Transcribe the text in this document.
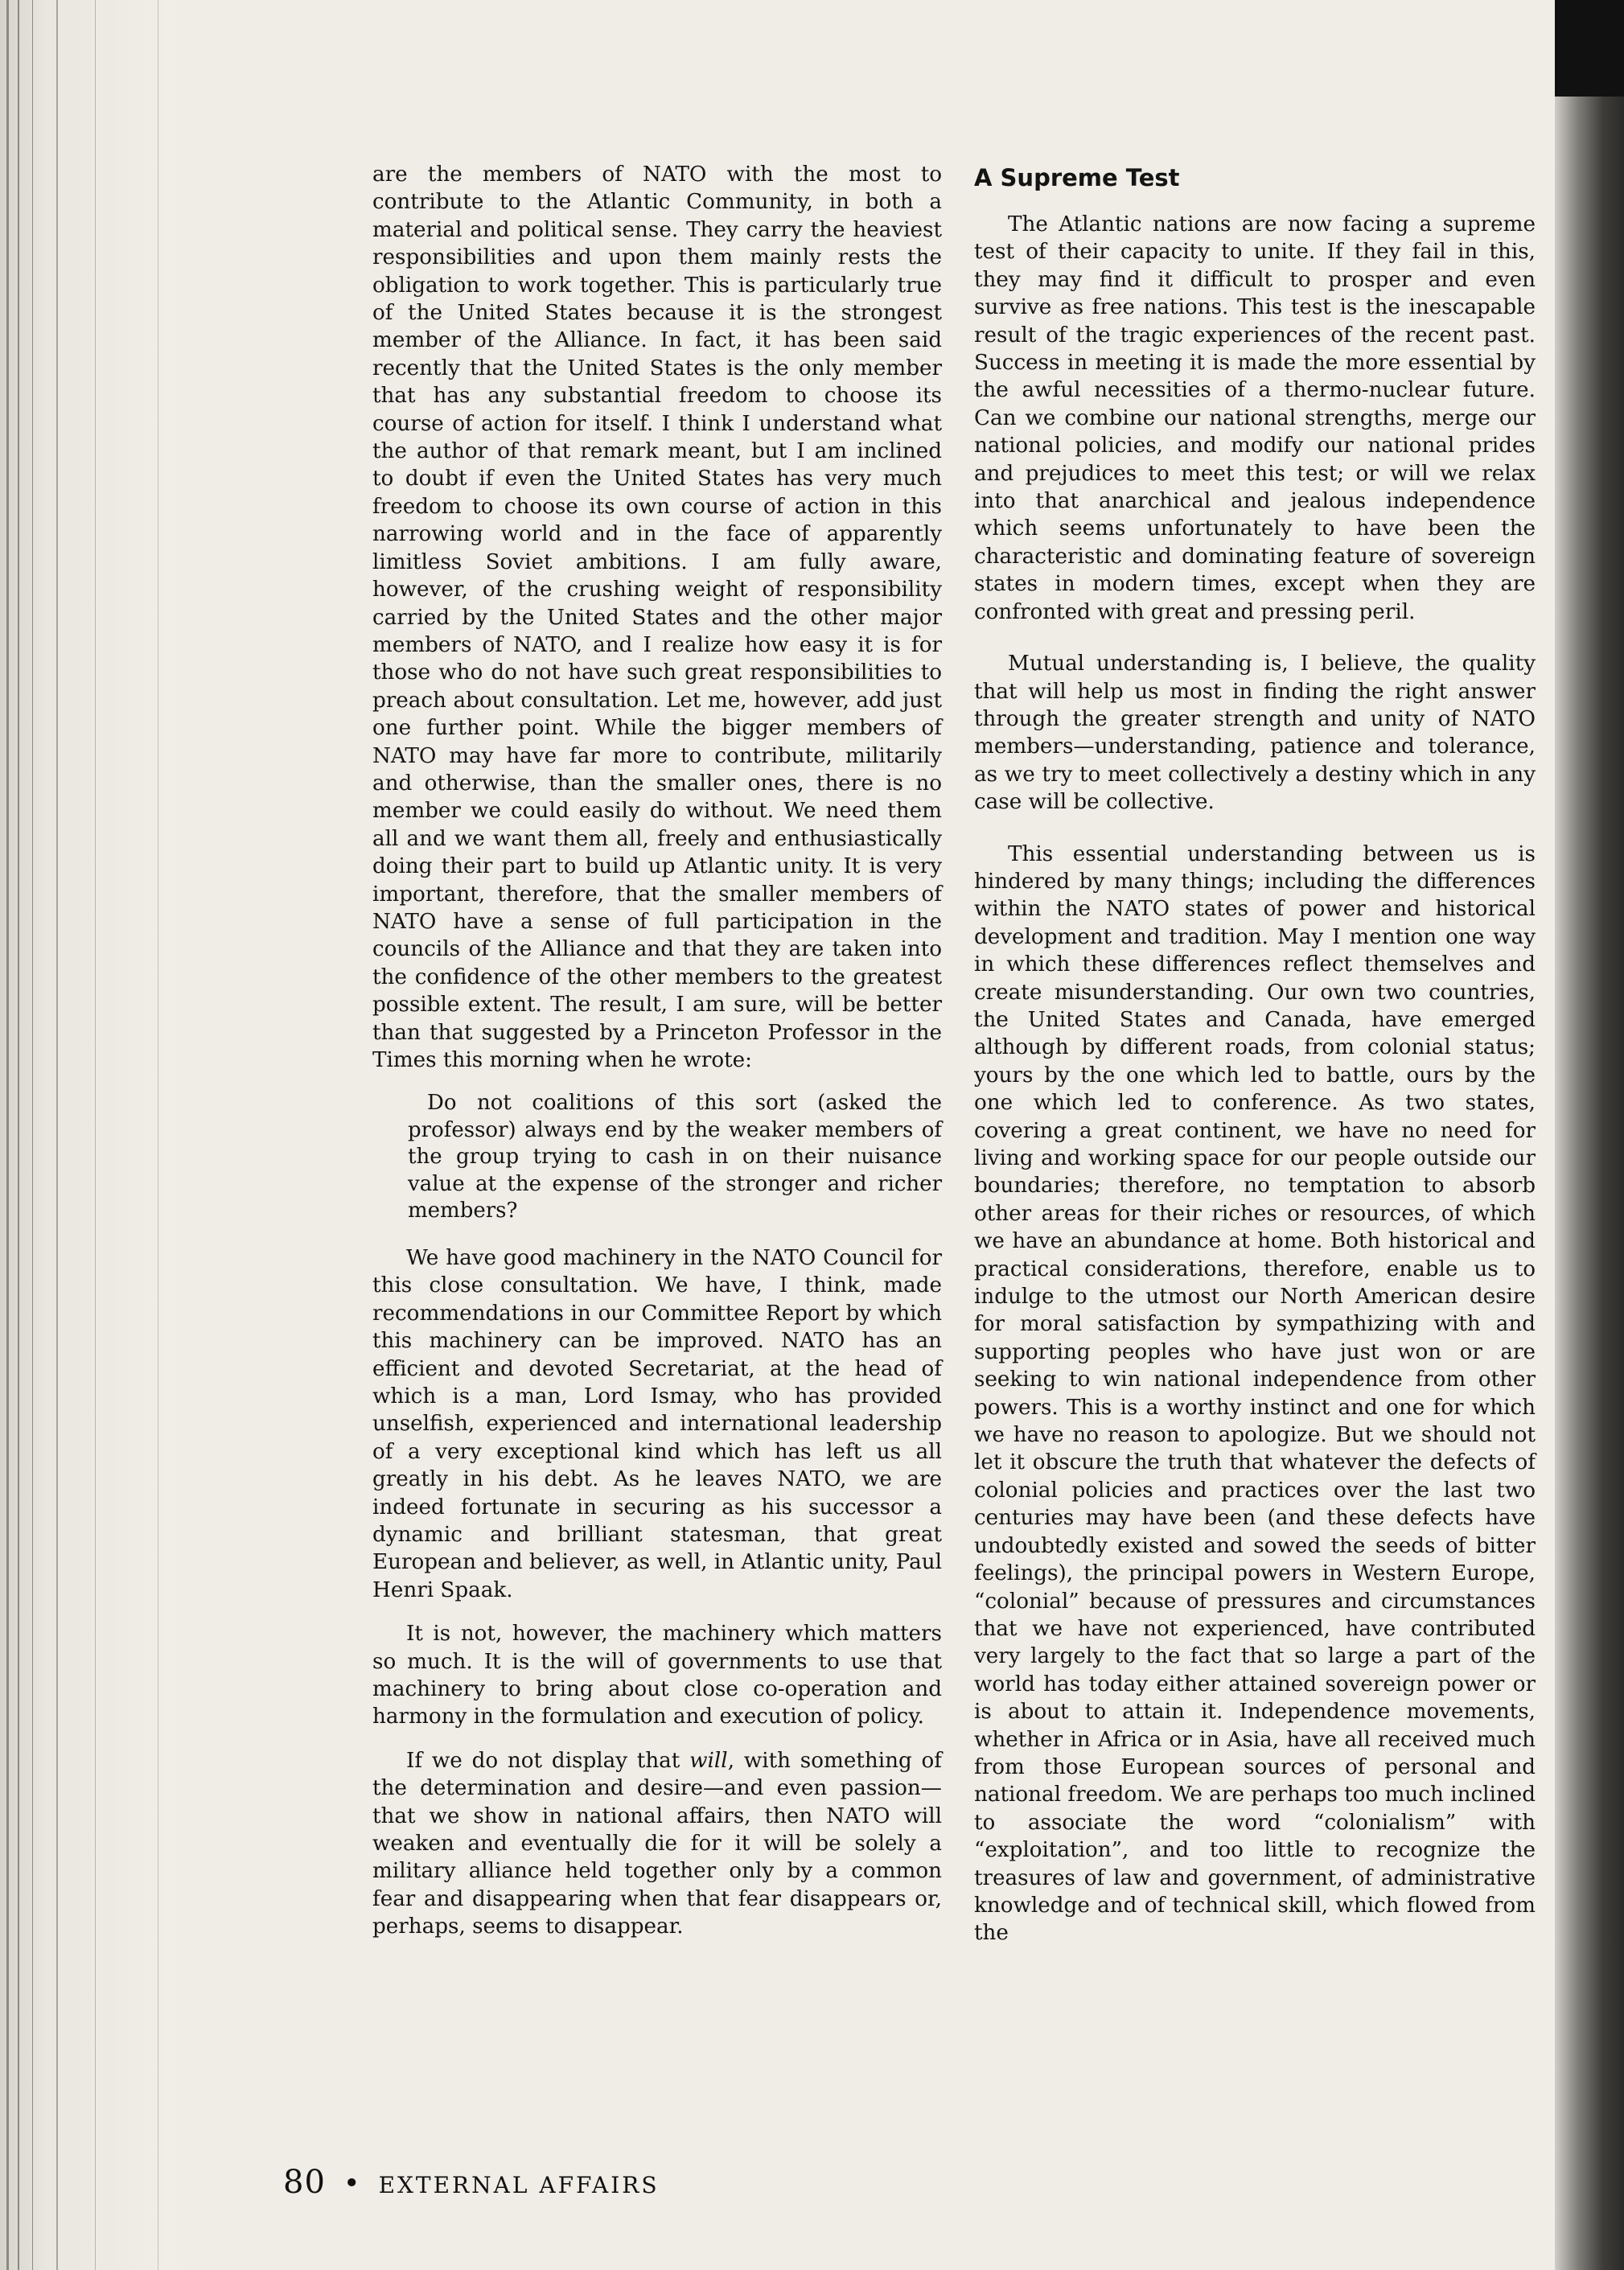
are the members of NATO with the most to contribute to the Atlantic Community, in both a material and political sense. They carry the heaviest responsibilities and upon them mainly rests the obligation to work together. This is particularly true of the United States because it is the strongest member of the Alliance. In fact, it has been said recently that the United States is the only member that has any substantial freedom to choose its course of action for itself. I think I understand what the author of that remark meant, but I am inclined to doubt if even the United States has very much freedom to choose its own course of action in this narrowing world and in the face of apparently limitless Soviet ambitions. I am fully aware, however, of the crushing weight of responsibility carried by the United States and the other major members of NATO, and I realize how easy it is for those who do not have such great responsibilities to preach about consultation. Let me, however, add just one further point. While the bigger members of NATO may have far more to contribute, militarily and otherwise, than the smaller ones, there is no member we could easily do without. We need them all and we want them all, freely and enthusiastically doing their part to build up Atlantic unity. It is very important, therefore, that the smaller members of NATO have a sense of full participation in the councils of the Alliance and that they are taken into the confidence of the other members to the greatest possible extent. The result, I am sure, will be better than that suggested by a Princeton Professor in the Times this morning when he wrote:

Do not coalitions of this sort (asked the professor) always end by the weaker members of the group trying to cash in on their nuisance value at the expense of the stronger and richer members?

We have good machinery in the NATO Council for this close consultation. We have, I think, made recommendations in our Committee Report by which this machinery can be improved. NATO has an efficient and devoted Secretariat, at the head of which is a man, Lord Ismay, who has provided unselfish, experienced and international leadership of a very exceptional kind which has left us all greatly in his debt. As he leaves NATO, we are indeed fortunate in securing as his successor a dynamic and brilliant statesman, that great European and believer, as well, in Atlantic unity, Paul Henri Spaak.

It is not, however, the machinery which matters so much. It is the will of governments to use that machinery to bring about close co-operation and harmony in the formulation and execution of policy.

If we do not display that will, with something of the determination and desire—and even passion—that we show in national affairs, then NATO will weaken and eventually die for it will be solely a military alliance held together only by a common fear and disappearing when that fear disappears or, perhaps, seems to disappear.

A Supreme Test

The Atlantic nations are now facing a supreme test of their capacity to unite. If they fail in this, they may find it difficult to prosper and even survive as free nations. This test is the inescapable result of the tragic experiences of the recent past. Success in meeting it is made the more essential by the awful necessities of a thermo-nuclear future. Can we combine our national strengths, merge our national policies, and modify our national prides and prejudices to meet this test; or will we relax into that anarchical and jealous independence which seems unfortunately to have been the characteristic and dominating feature of sovereign states in modern times, except when they are confronted with great and pressing peril.

Mutual understanding is, I believe, the quality that will help us most in finding the right answer through the greater strength and unity of NATO members—understanding, patience and tolerance, as we try to meet collectively a destiny which in any case will be collective.

This essential understanding between us is hindered by many things; including the differences within the NATO states of power and historical development and tradition. May I mention one way in which these differences reflect themselves and create misunderstanding. Our own two countries, the United States and Canada, have emerged although by different roads, from colonial status; yours by the one which led to battle, ours by the one which led to conference. As two states, covering a great continent, we have no need for living and working space for our people outside our boundaries; therefore, no temptation to absorb other areas for their riches or resources, of which we have an abundance at home. Both historical and practical considerations, therefore, enable us to indulge to the utmost our North American desire for moral satisfaction by sympathizing with and supporting peoples who have just won or are seeking to win national independence from other powers. This is a worthy instinct and one for which we have no reason to apologize. But we should not let it obscure the truth that whatever the defects of colonial policies and practices over the last two centuries may have been (and these defects have undoubtedly existed and sowed the seeds of bitter feelings), the principal powers in Western Europe, “colonial” because of pressures and circumstances that we have not experienced, have contributed very largely to the fact that so large a part of the world has today either attained sovereign power or is about to attain it. Independence movements, whether in Africa or in Asia, have all received much from those European sources of personal and national freedom. We are perhaps too much inclined to associate the word “colonialism” with “exploitation”, and too little to recognize the treasures of law and government, of administrative knowledge and of technical skill, which flowed from the

80 • EXTERNAL AFFAIRS
